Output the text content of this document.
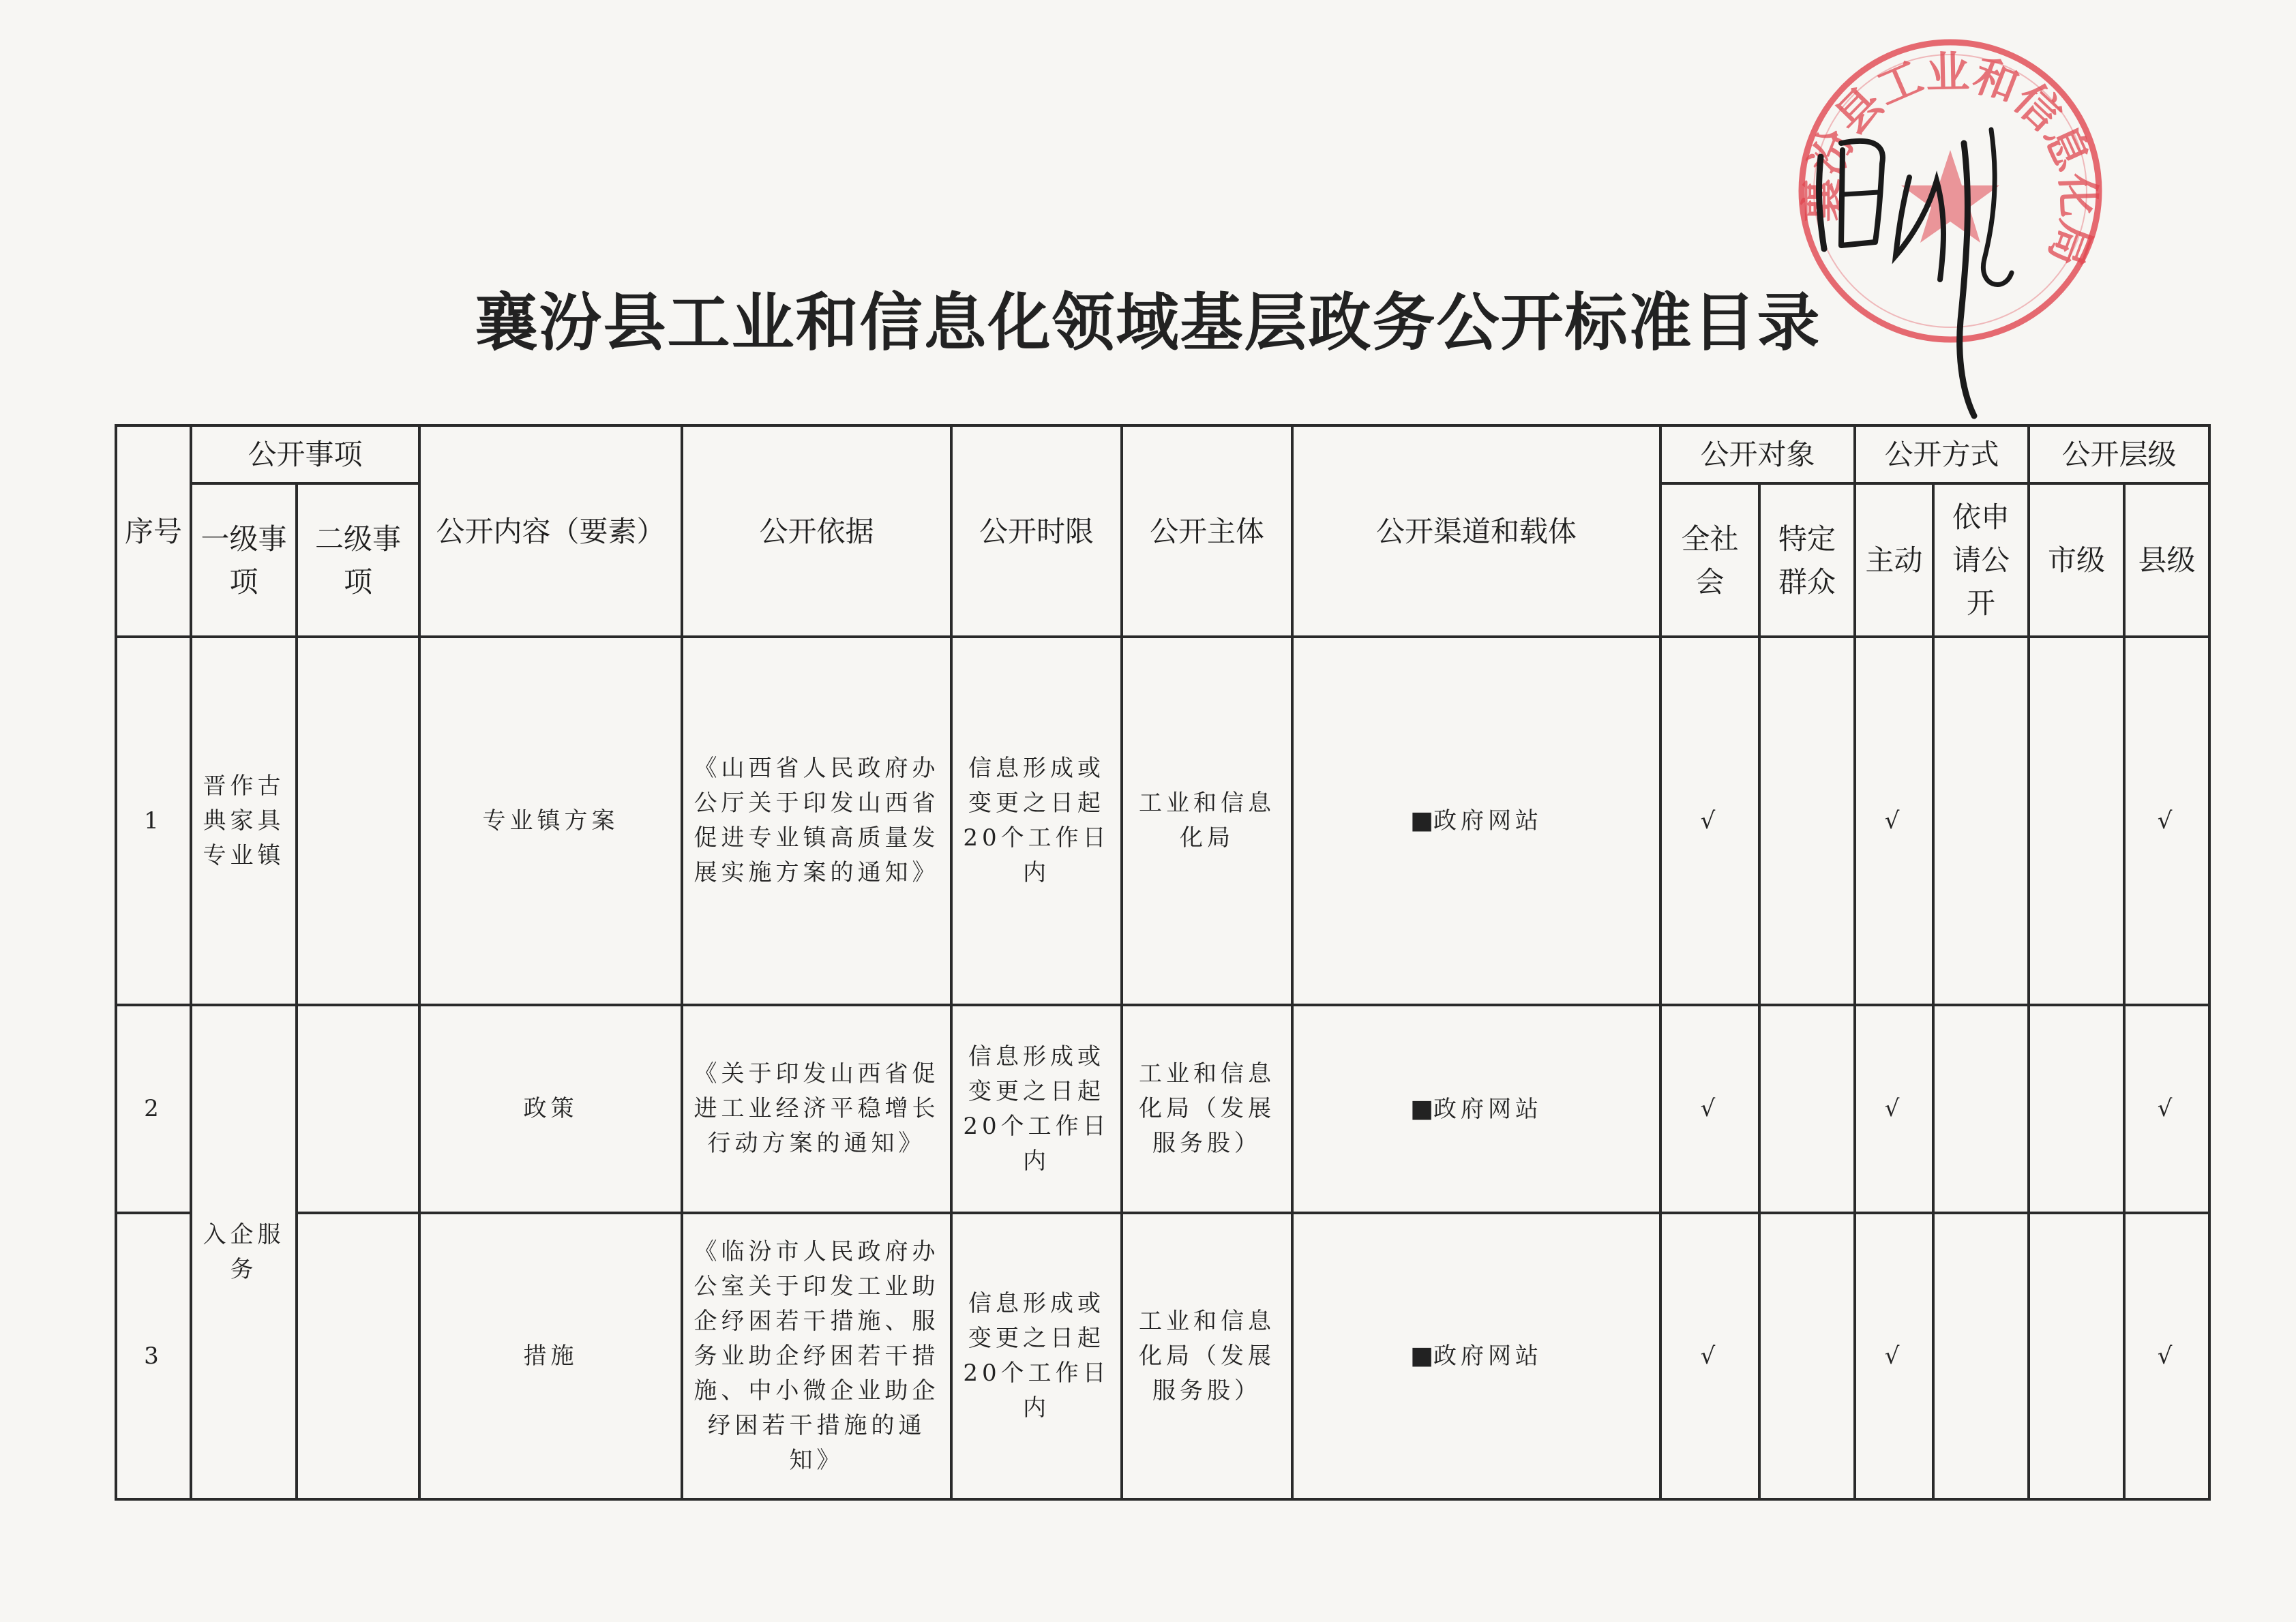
襄汾县工业和信息化局
襄汾县工业和信息化领域基层政务公开标准目录
序号	公开事项		公开内容（要素）	公开依据	公开时限	公开主体	公开渠道和载体	公开对象		公开方式		公开层级	
	一级事项	二级事项						全社会	特定群众	主动	依申请公开	市级	县级
1	晋作古典家具专业镇		专业镇方案	《山西省人民政府办公厅关于印发山西省促进专业镇高质量发展实施方案的通知》	信息形成或变更之日起20个工作日内	工业和信息化局	■政府网站	√		√			√
2	入企服务		政策	《关于印发山西省促进工业经济平稳增长行动方案的通知》	信息形成或变更之日起20个工作日内	工业和信息化局（发展服务股）	■政府网站	√		√			√
3			措施	《临汾市人民政府办公室关于印发工业助企纾困若干措施、服务业助企纾困若干措施、中小微企业助企纾困若干措施的通知》	信息形成或变更之日起20个工作日内	工业和信息化局（发展服务股）	■政府网站	√		√			√
